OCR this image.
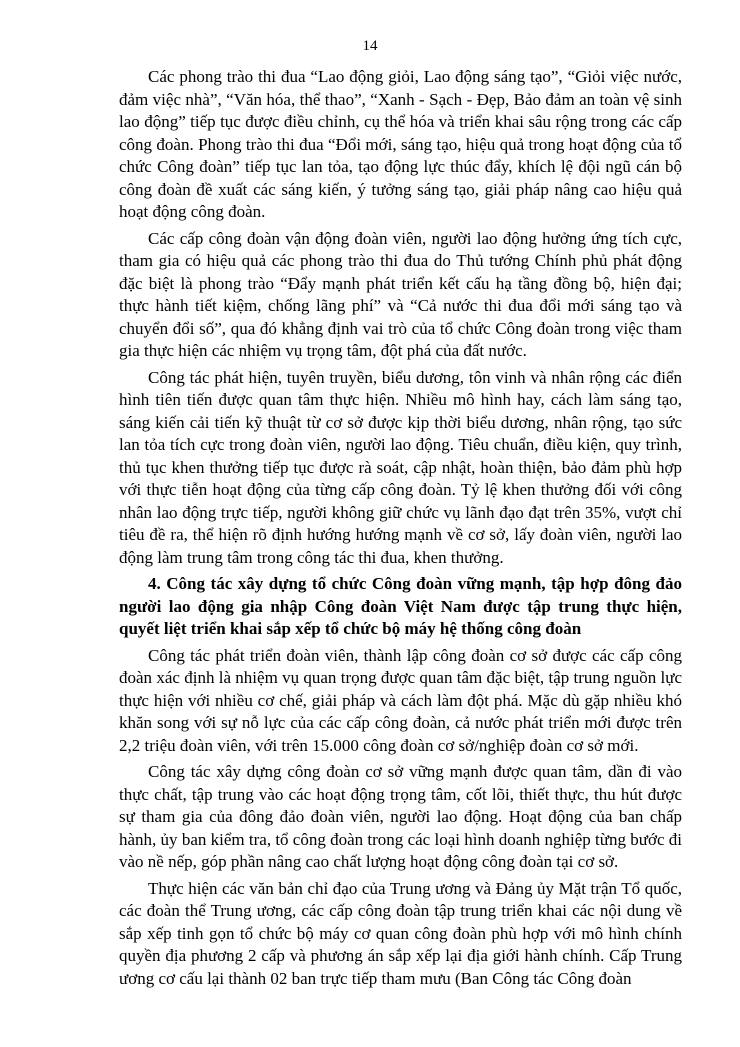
14

Các phong trào thi đua “Lao động giỏi, Lao động sáng tạo”, “Giỏi việc nước, đảm việc nhà”, “Văn hóa, thể thao”, “Xanh - Sạch - Đẹp, Bảo đảm an toàn vệ sinh lao động” tiếp tục được điều chỉnh, cụ thể hóa và triển khai sâu rộng trong các cấp công đoàn. Phong trào thi đua “Đổi mới, sáng tạo, hiệu quả trong hoạt động của tổ chức Công đoàn” tiếp tục lan tỏa, tạo động lực thúc đẩy, khích lệ đội ngũ cán bộ công đoàn đề xuất các sáng kiến, ý tưởng sáng tạo, giải pháp nâng cao hiệu quả hoạt động công đoàn.

Các cấp công đoàn vận động đoàn viên, người lao động hưởng ứng tích cực, tham gia có hiệu quả các phong trào thi đua do Thủ tướng Chính phủ phát động đặc biệt là phong trào “Đẩy mạnh phát triển kết cấu hạ tầng đồng bộ, hiện đại; thực hành tiết kiệm, chống lãng phí” và “Cả nước thi đua đổi mới sáng tạo và chuyển đổi số”, qua đó khẳng định vai trò của tổ chức Công đoàn trong việc tham gia thực hiện các nhiệm vụ trọng tâm, đột phá của đất nước.

Công tác phát hiện, tuyên truyền, biểu dương, tôn vinh và nhân rộng các điển hình tiên tiến được quan tâm thực hiện. Nhiều mô hình hay, cách làm sáng tạo, sáng kiến cải tiến kỹ thuật từ cơ sở được kịp thời biểu dương, nhân rộng, tạo sức lan tỏa tích cực trong đoàn viên, người lao động. Tiêu chuẩn, điều kiện, quy trình, thủ tục khen thưởng tiếp tục được rà soát, cập nhật, hoàn thiện, bảo đảm phù hợp với thực tiễn hoạt động của từng cấp công đoàn. Tỷ lệ khen thưởng đối với công nhân lao động trực tiếp, người không giữ chức vụ lãnh đạo đạt trên 35%, vượt chỉ tiêu đề ra, thể hiện rõ định hướng hướng mạnh về cơ sở, lấy đoàn viên, người lao động làm trung tâm trong công tác thi đua, khen thưởng.

4. Công tác xây dựng tổ chức Công đoàn vững mạnh, tập hợp đông đảo người lao động gia nhập Công đoàn Việt Nam được tập trung thực hiện, quyết liệt triển khai sắp xếp tổ chức bộ máy hệ thống công đoàn

Công tác phát triển đoàn viên, thành lập công đoàn cơ sở được các cấp công đoàn xác định là nhiệm vụ quan trọng được quan tâm đặc biệt, tập trung nguồn lực thực hiện với nhiều cơ chế, giải pháp và cách làm đột phá. Mặc dù gặp nhiều khó khăn song với sự nỗ lực của các cấp công đoàn, cả nước phát triển mới được trên 2,2 triệu đoàn viên, với trên 15.000 công đoàn cơ sở/nghiệp đoàn cơ sở mới.

Công tác xây dựng công đoàn cơ sở vững mạnh được quan tâm, dần đi vào thực chất, tập trung vào các hoạt động trọng tâm, cốt lõi, thiết thực, thu hút được sự tham gia của đông đảo đoàn viên, người lao động. Hoạt động của ban chấp hành, ủy ban kiểm tra, tổ công đoàn trong các loại hình doanh nghiệp từng bước đi vào nề nếp, góp phần nâng cao chất lượng hoạt động công đoàn tại cơ sở.

Thực hiện các văn bản chỉ đạo của Trung ương và Đảng ủy Mặt trận Tổ quốc, các đoàn thể Trung ương, các cấp công đoàn tập trung triển khai các nội dung về sắp xếp tinh gọn tổ chức bộ máy cơ quan công đoàn phù hợp với mô hình chính quyền địa phương 2 cấp và phương án sắp xếp lại địa giới hành chính. Cấp Trung ương cơ cấu lại thành 02 ban trực tiếp tham mưu (Ban Công tác Công đoàn
